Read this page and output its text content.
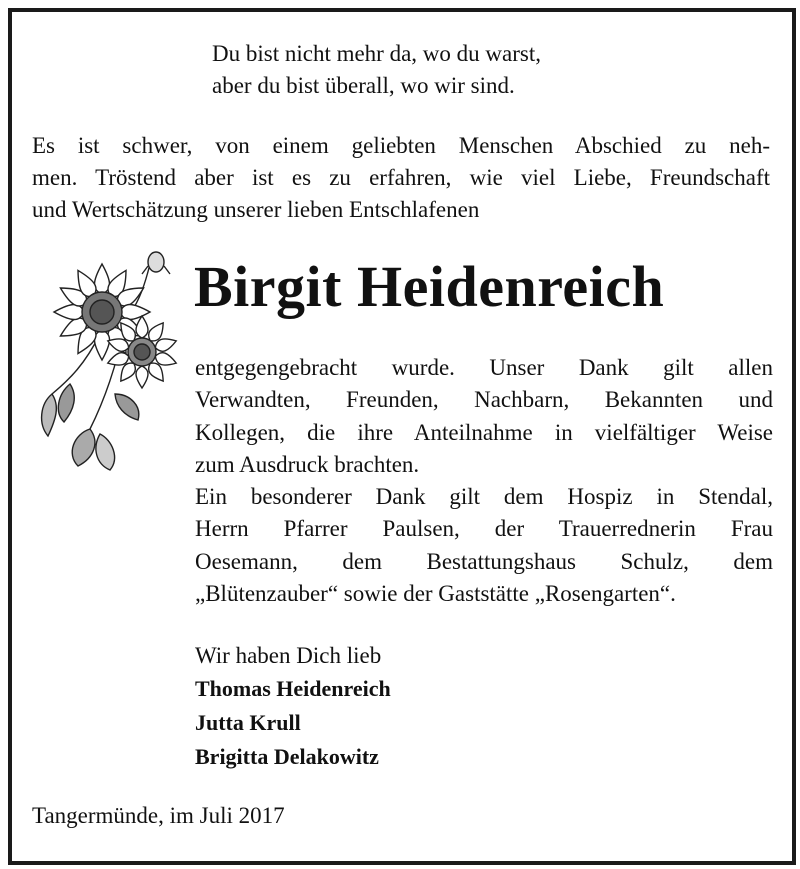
Du bist nicht mehr da, wo du warst,
aber du bist überall, wo wir sind.
Es ist schwer, von einem geliebten Menschen Abschied zu neh-
men. Tröstend aber ist es zu erfahren, wie viel Liebe, Freundschaft
und Wertschätzung unserer lieben Entschlafenen
Birgit Heidenreich
entgegengebracht wurde. Unser Dank gilt allen
Verwandten, Freunden, Nachbarn, Bekannten und
Kollegen, die ihre Anteilnahme in vielfältiger Weise
zum Ausdruck brachten.
Ein besonderer Dank gilt dem Hospiz in Stendal,
Herrn Pfarrer Paulsen, der Trauerrednerin Frau
Oesemann, dem Bestattungshaus Schulz, dem
„Blütenzauber“ sowie der Gaststätte „Rosengarten“.
Wir haben Dich lieb
Thomas Heidenreich
Jutta Krull
Brigitta Delakowitz
Tangermünde, im Juli 2017
